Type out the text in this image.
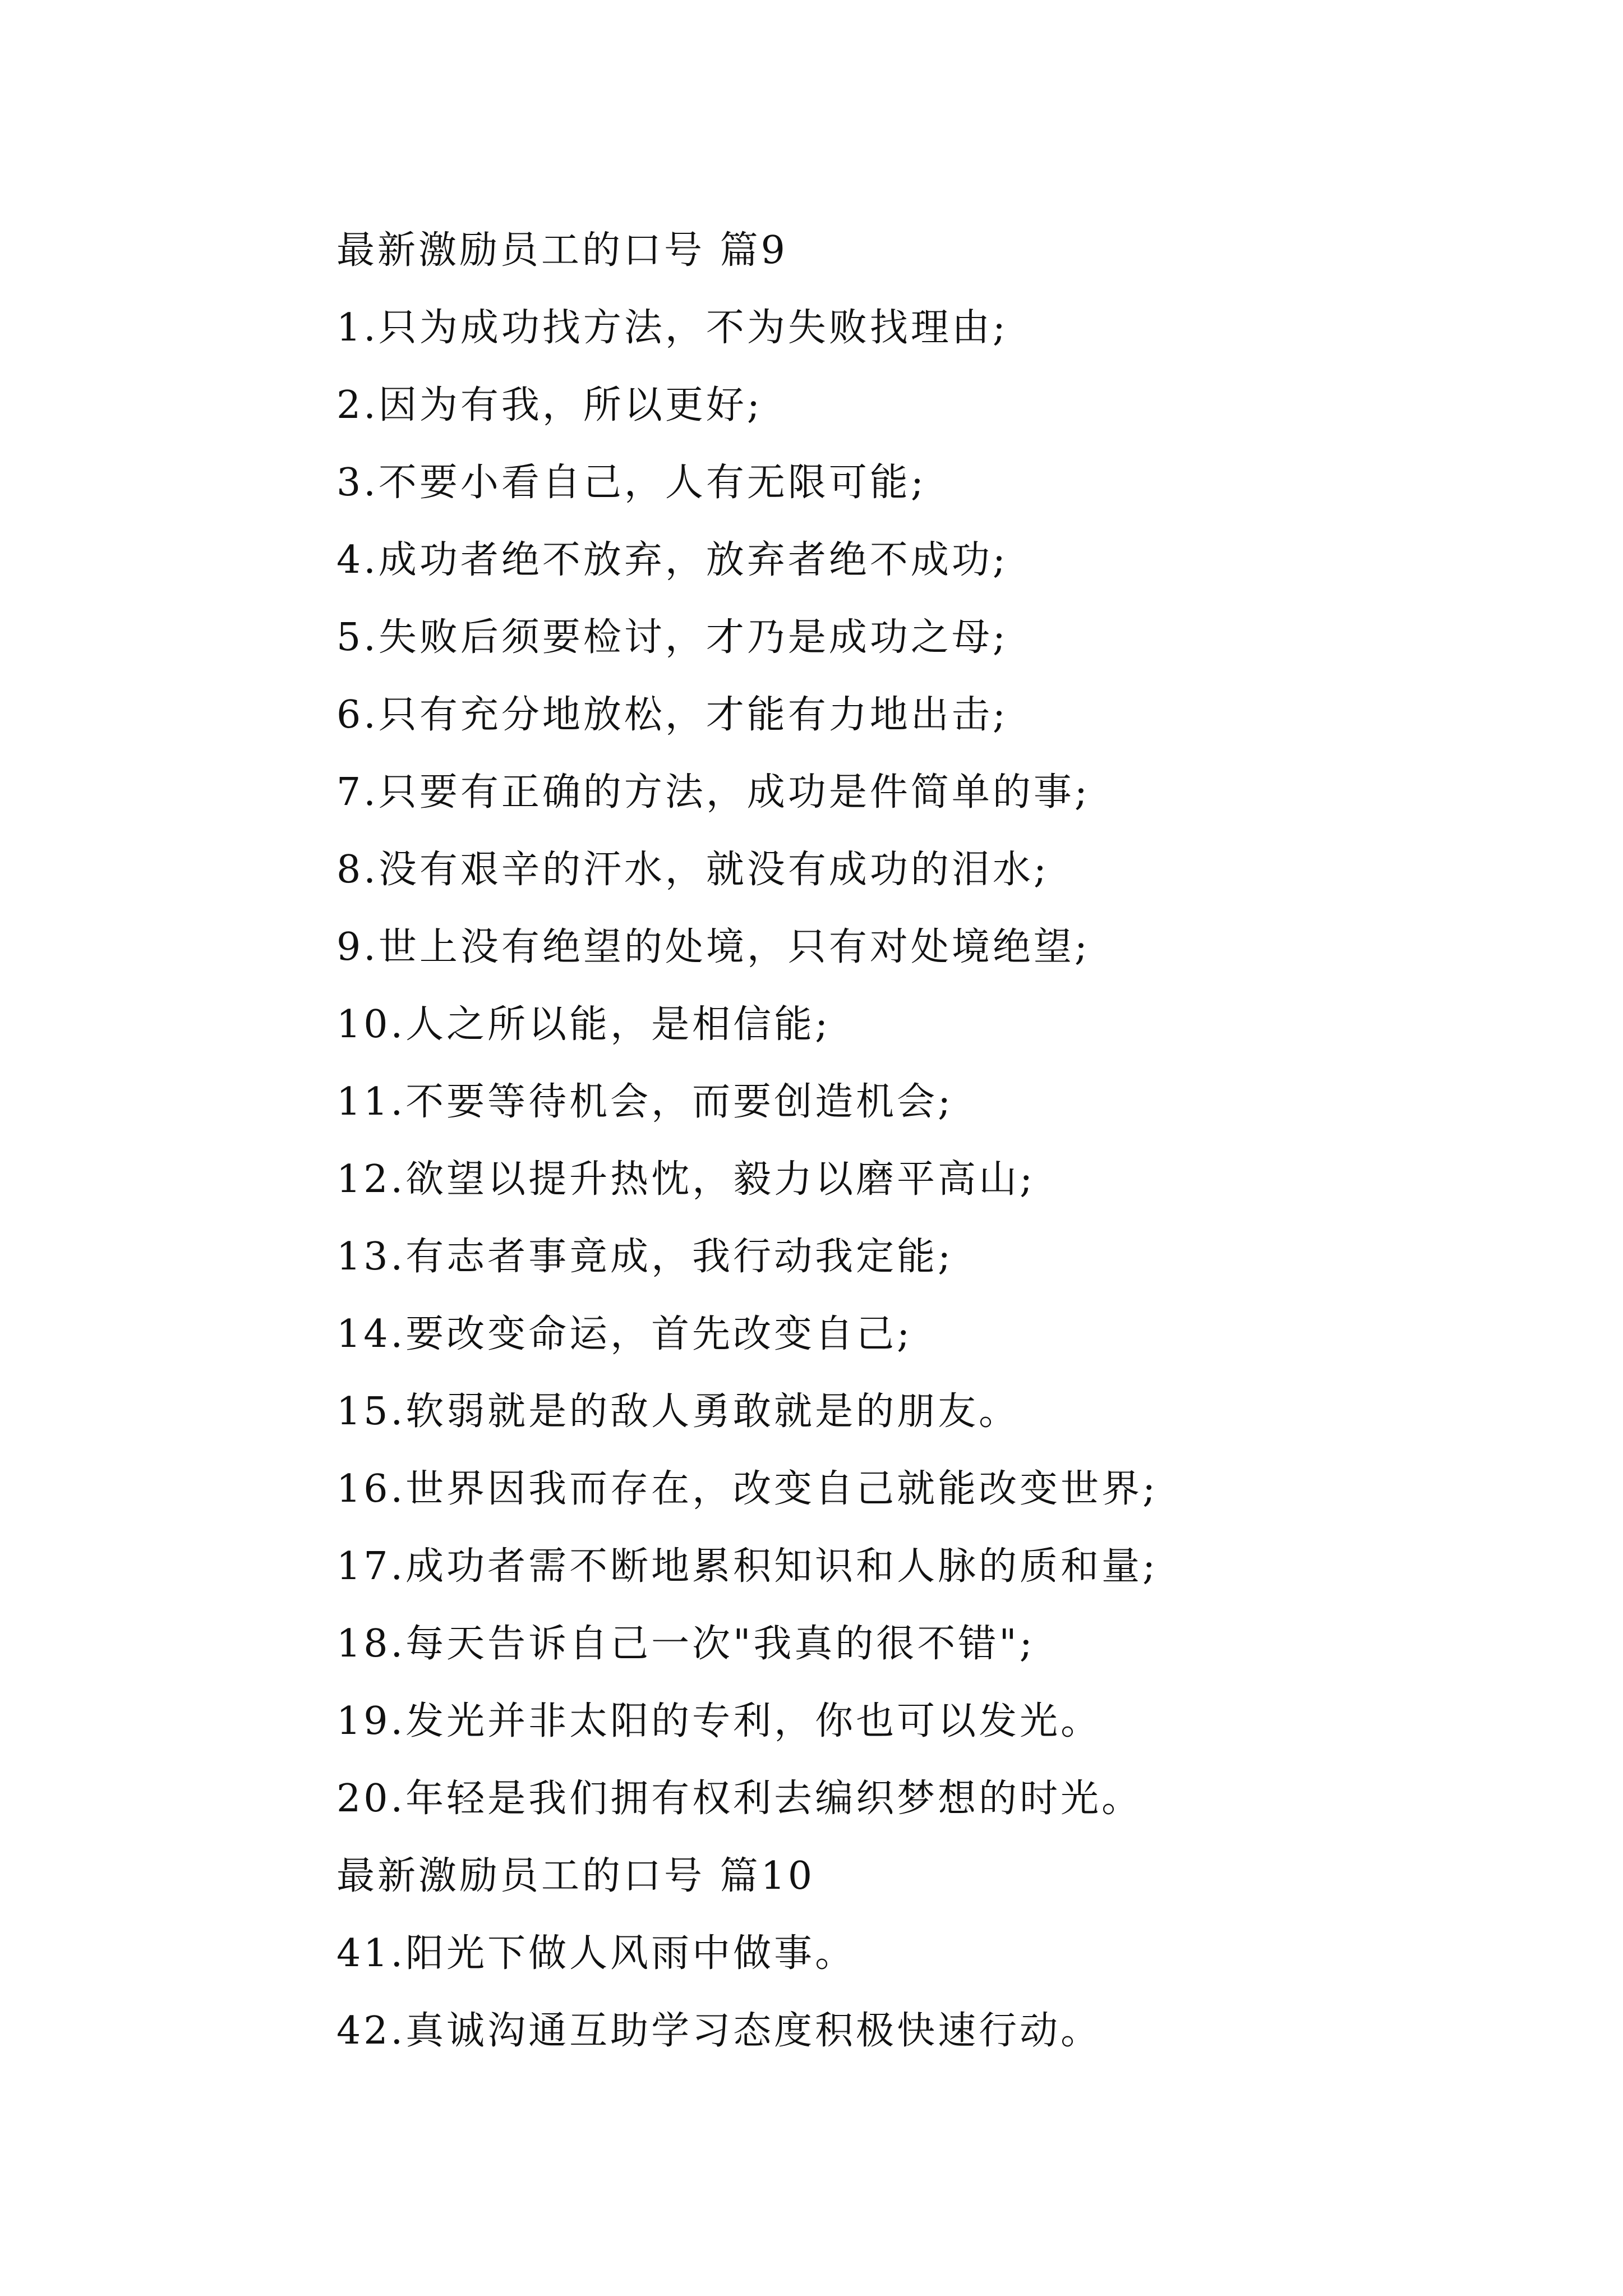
最新激励员工的口号 篇9
1.只为成功找方法，不为失败找理由;
2.因为有我，所以更好;
3.不要小看自己，人有无限可能;
4.成功者绝不放弃，放弃者绝不成功;
5.失败后须要检讨，才乃是成功之母;
6.只有充分地放松，才能有力地出击;
7.只要有正确的方法，成功是件简单的事;
8.没有艰辛的汗水，就没有成功的泪水;
9.世上没有绝望的处境，只有对处境绝望;
10.人之所以能，是相信能;
11.不要等待机会，而要创造机会;
12.欲望以提升热忱，毅力以磨平高山;
13.有志者事竟成，我行动我定能;
14.要改变命运，首先改变自己;
15.软弱就是的敌人勇敢就是的朋友。
16.世界因我而存在，改变自己就能改变世界;
17.成功者需不断地累积知识和人脉的质和量;
18.每天告诉自己一次"我真的很不错";
19.发光并非太阳的专利，你也可以发光。
20.年轻是我们拥有权利去编织梦想的时光。
最新激励员工的口号 篇10
41.阳光下做人风雨中做事。
42.真诚沟通互助学习态度积极快速行动。
